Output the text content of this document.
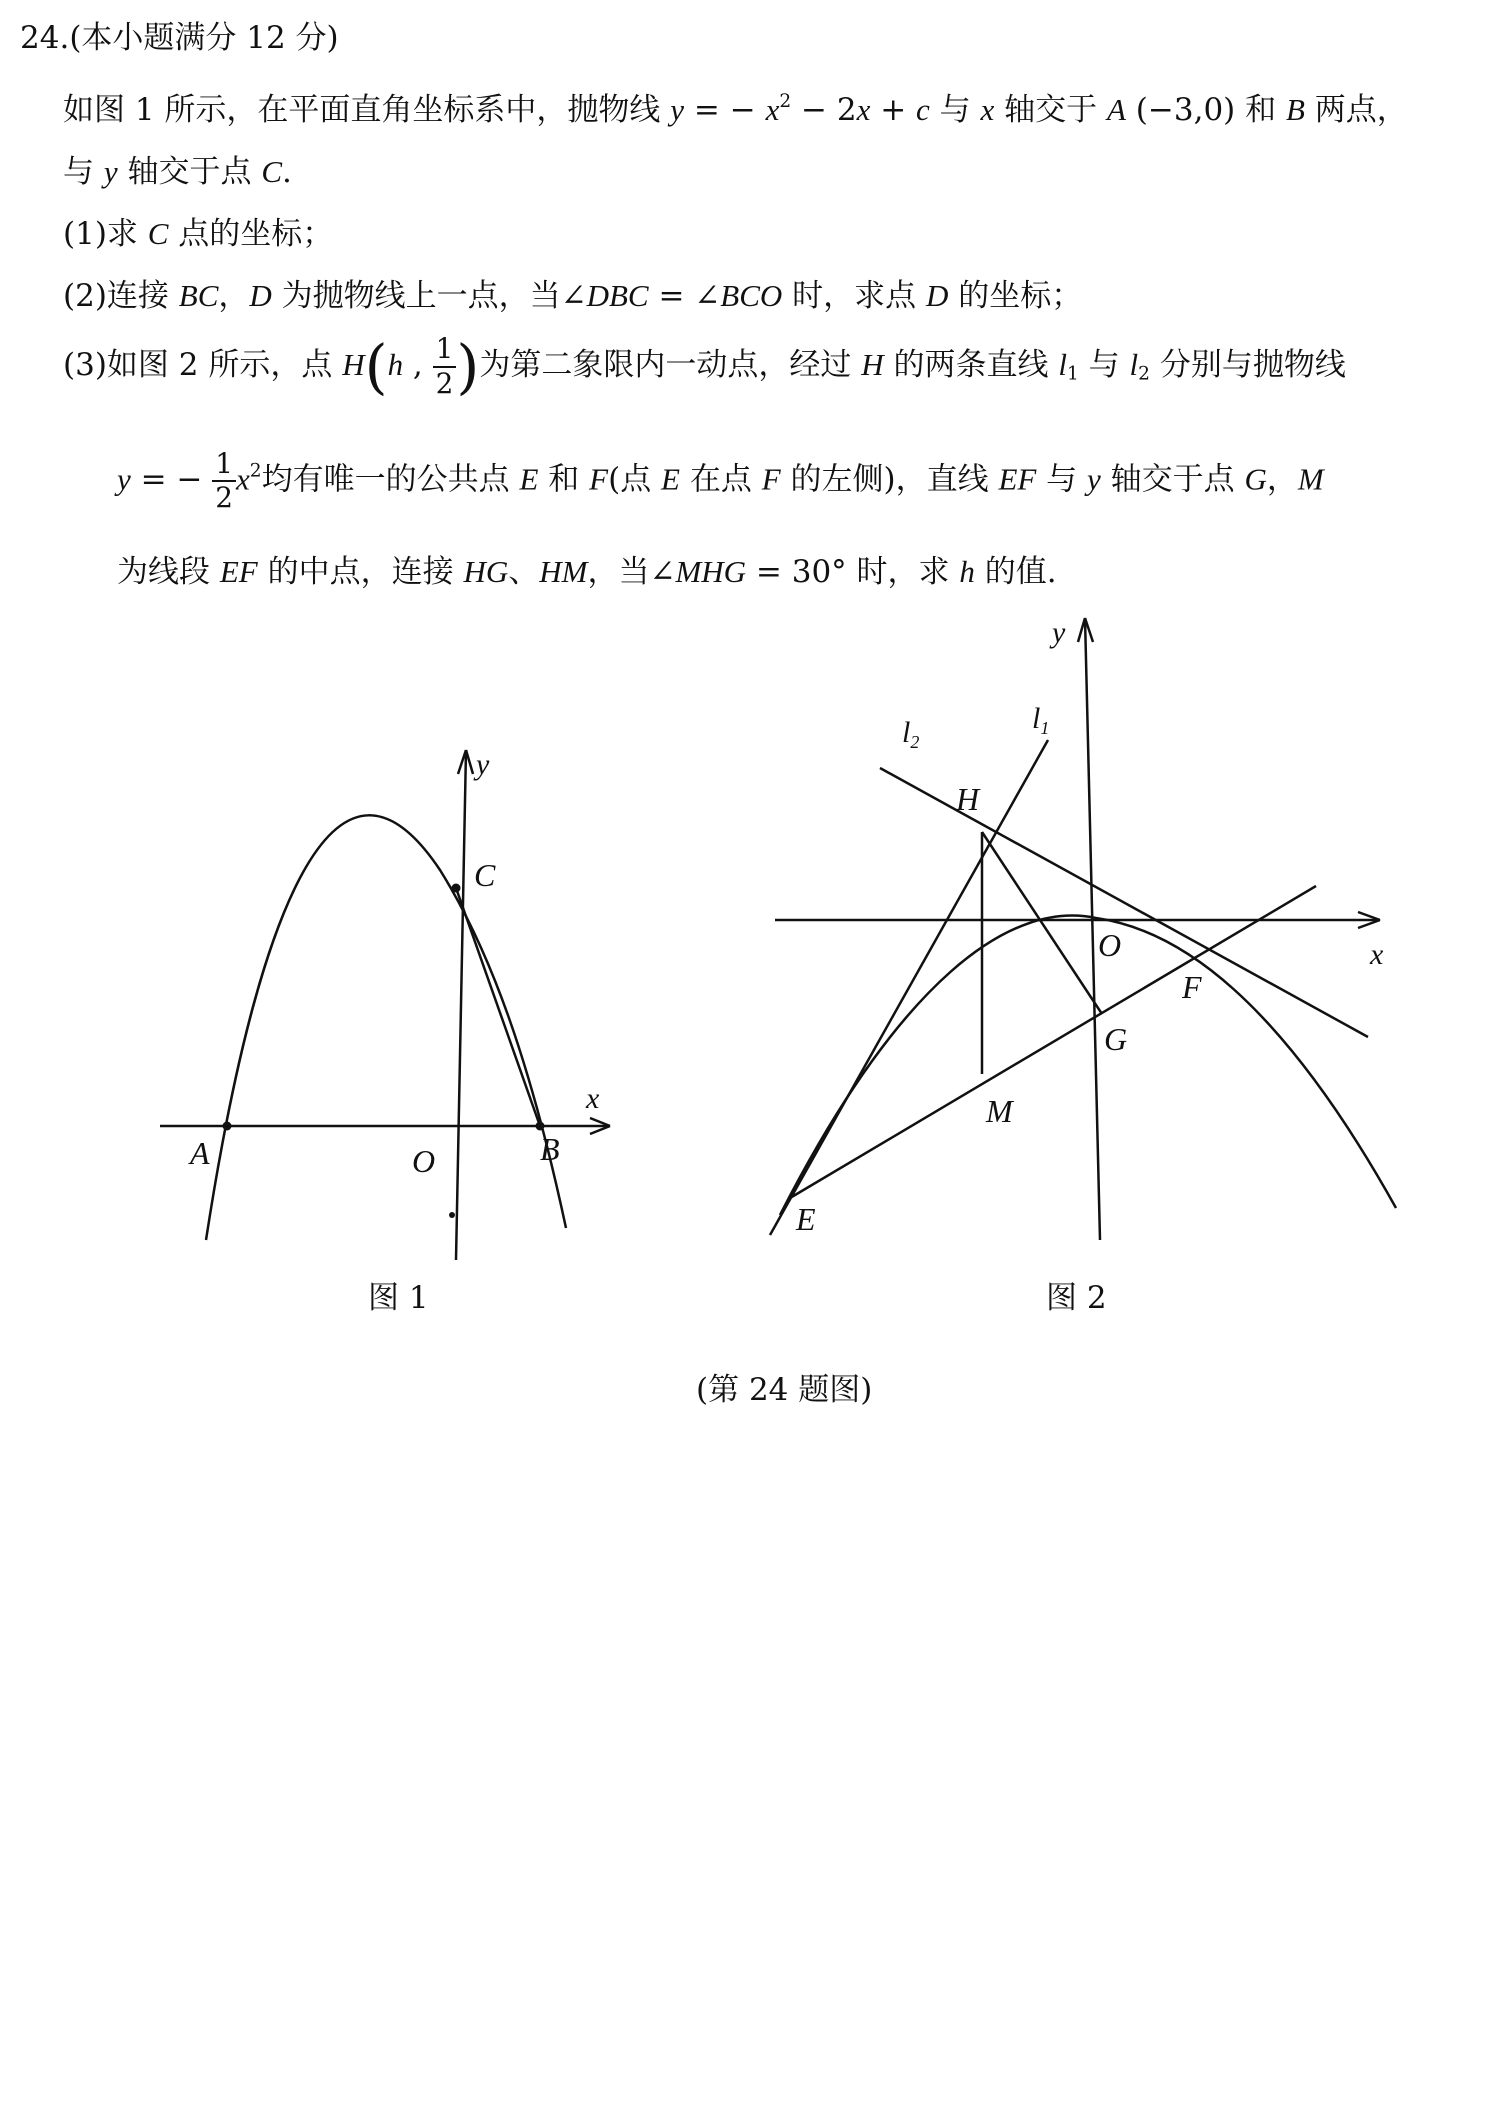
24.(本小题满分 12 分)
如图 1 所示，在平面直角坐标系中，抛物线 y = − $x^2 - 2x + c$ 与 x 轴交于 A (−3,0) 和 B 两点，
与 y 轴交于点 C.
(1)求 C 点的坐标；
(2)连接 BC，D 为抛物线上一点，当∠DBC = ∠BCO 时，求点 D 的坐标；
(3)如图 2 所示，点 H(h , $\frac{1}{2}$ )为第二象限内一动点，经过 H 的两条直线 $l_1$ 与 $l_2$ 分别与抛物线
y = − $\frac{1}{2} x^2$均有唯一的公共点 E 和 F(点 E 在点 F 的左侧)，直线 EF 与 y 轴交于点 G，M
为线段 EF 的中点，连接 HG、HM，当∠MHG = 30° 时，求 h 的值.
y
x
C
A	O	B
y
x
$l_1$
$l_2$
H
O
F
G
M
E
图 1	图 2
(第 24 题图)
